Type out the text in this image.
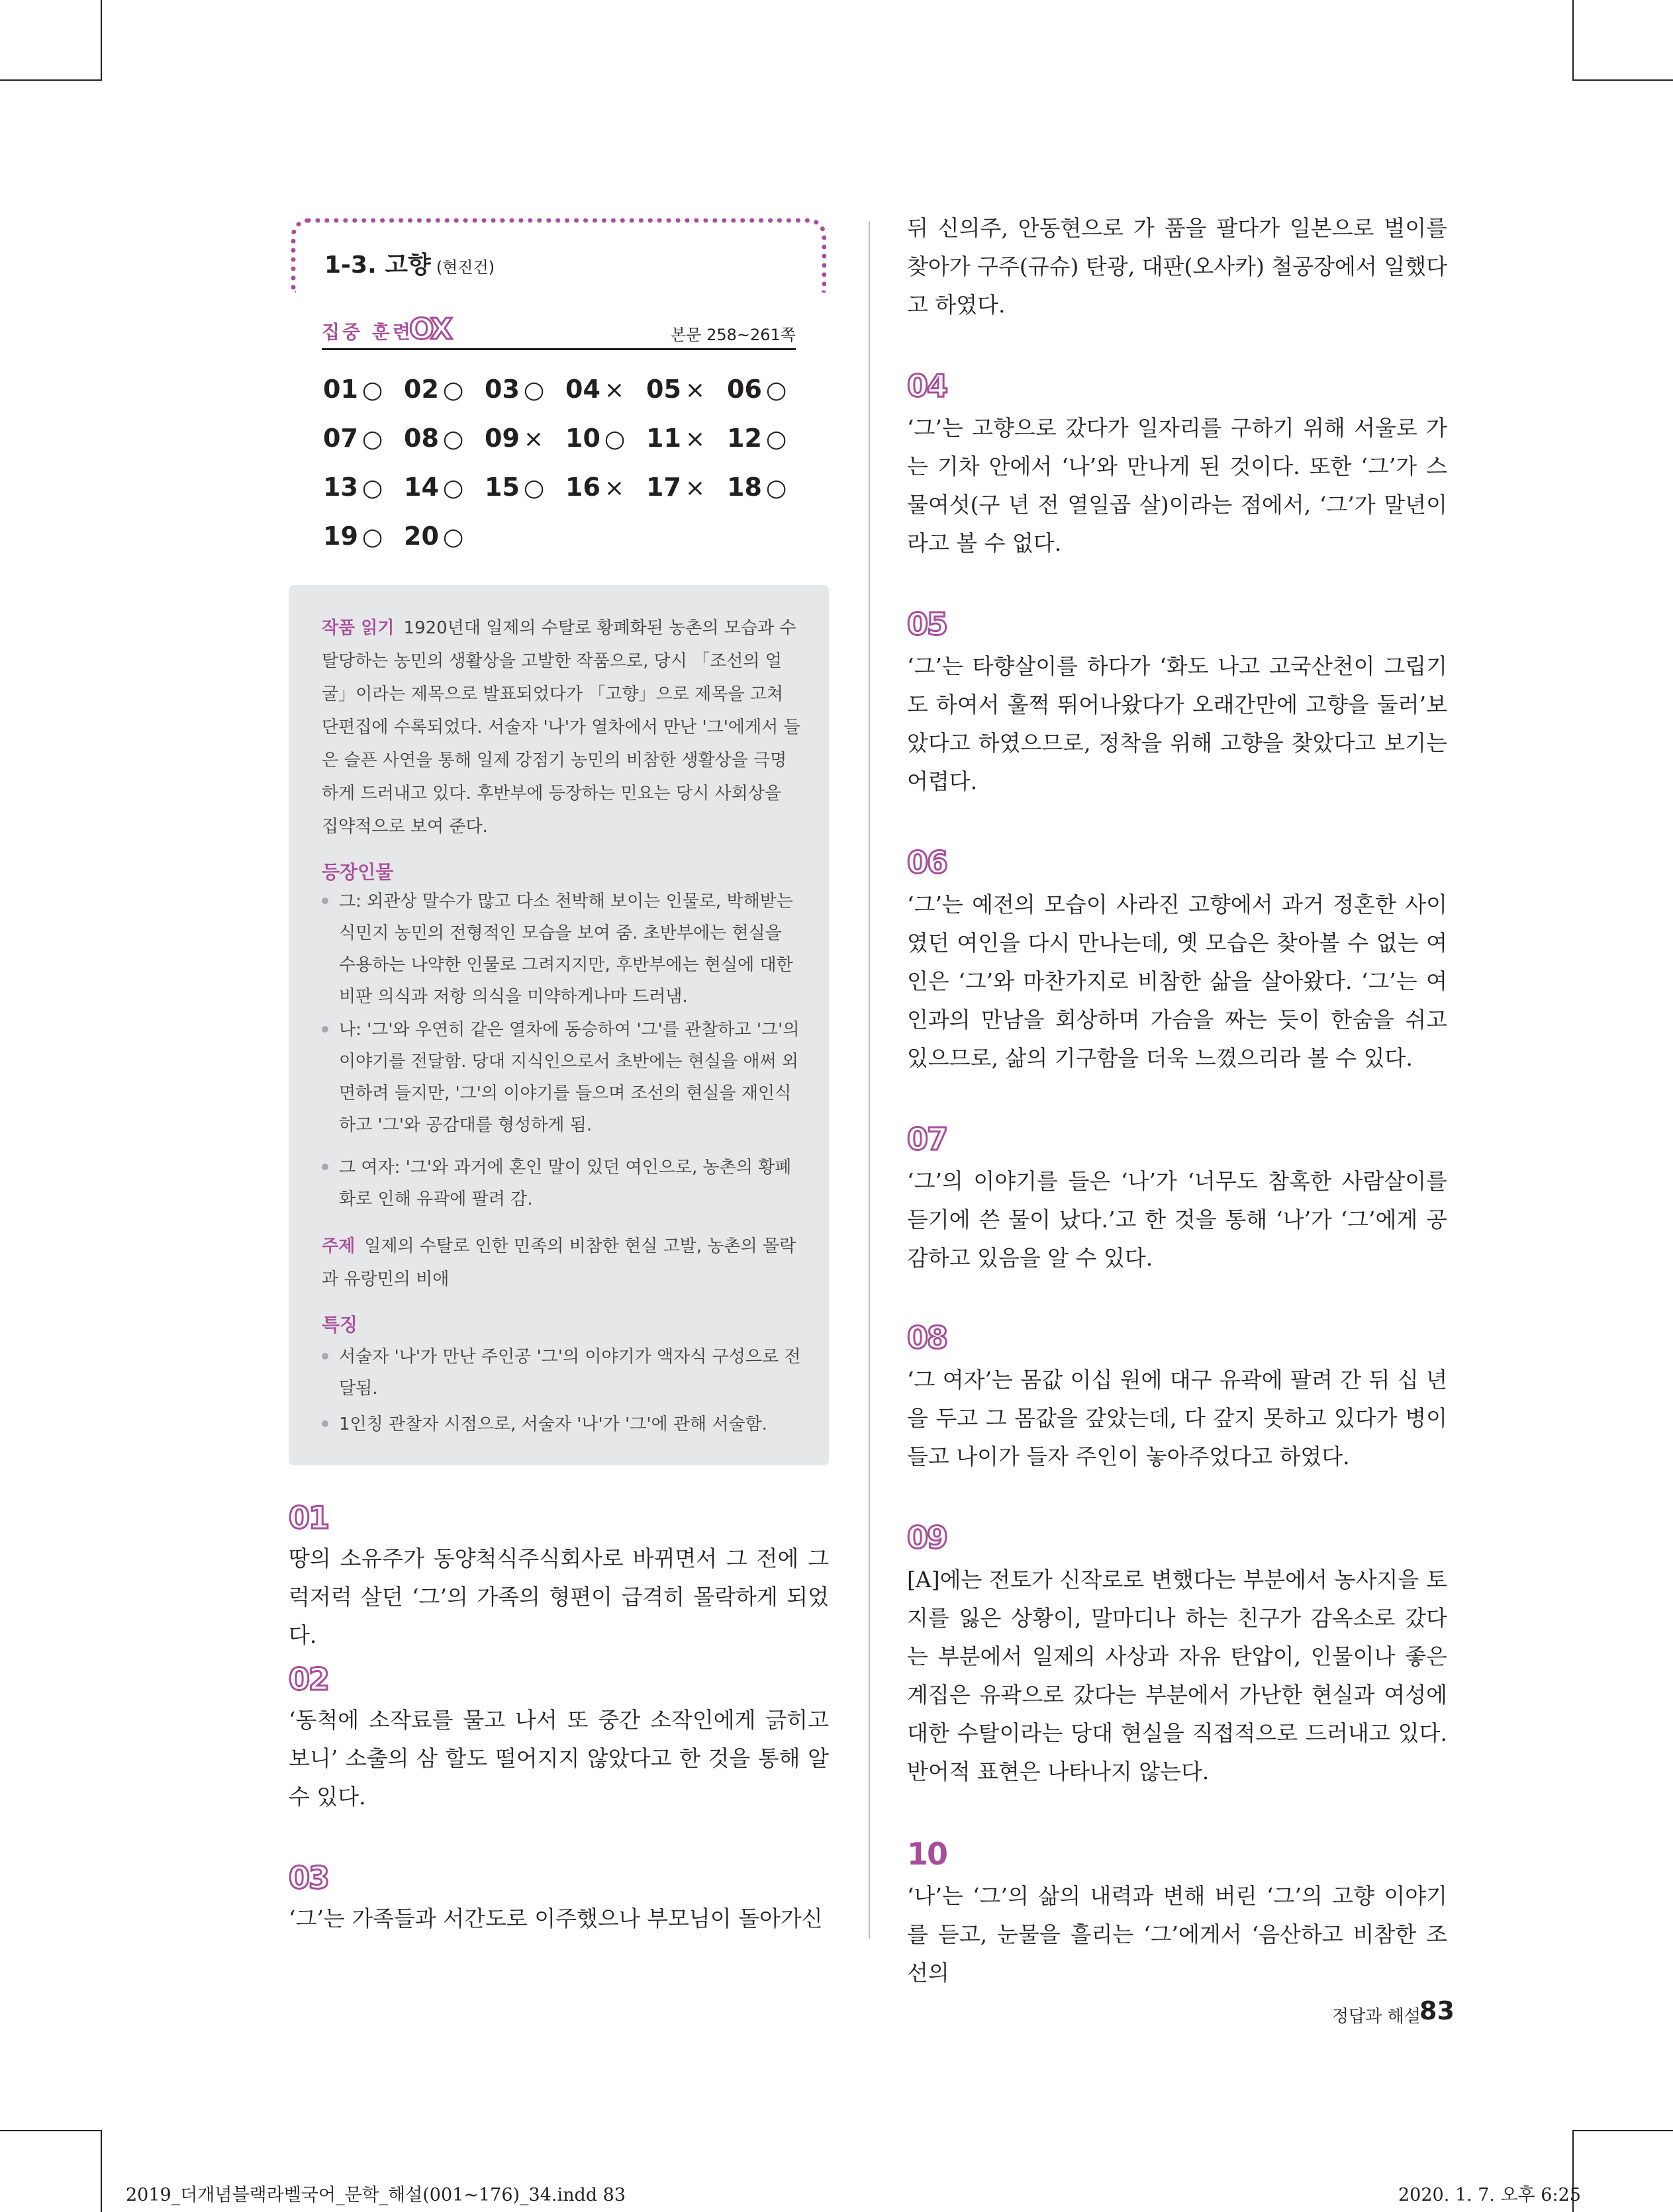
1-3. 고향 (현진건)
집중 훈련
OX	본문 258~261쪽
01 ○ 02 ○ 03 ○ 04 × 05 × 06 ○
07 ○ 08 ○ 09 × 10 ○ 11 × 12 ○
13 ○ 14 ○ 15 ○ 16 × 17 × 18 ○
19 ○ 20 ○
작품 읽기 1920년대 일제의 수탈로 황폐화된 농촌의 모습과 수탈당하는 농민의 생활상을 고발한 작품으로, 당시 「조선의 얼굴」이라는 제목으로 발표되었다가 「고향」으로 제목을 고쳐 단편집에 수록되었다. 서술자 '나'가 열차에서 만난 '그'에게서 들은 슬픈 사연을 통해 일제 강점기 농민의 비참한 생활상을 극명하게 드러내고 있다. 후반부에 등장하는 민요는 당시 사회상을 집약적으로 보여 준다.
등장인물
그: 외관상 말수가 많고 다소 천박해 보이는 인물로, 박해받는 식민지 농민의 전형적인 모습을 보여 줌. 초반부에는 현실을 수용하는 나약한 인물로 그려지지만, 후반부에는 현실에 대한 비판 의식과 저항 의식을 미약하게나마 드러냄.
나: '그'와 우연히 같은 열차에 동승하여 '그'를 관찰하고 '그'의 이야기를 전달함. 당대 지식인으로서 초반에는 현실을 애써 외면하려 들지만, '그'의 이야기를 들으며 조선의 현실을 재인식하고 '그'와 공감대를 형성하게 됨.
그 여자: '그'와 과거에 혼인 말이 있던 여인으로, 농촌의 황폐화로 인해 유곽에 팔려 감.
주제 일제의 수탈로 인한 민족의 비참한 현실 고발, 농촌의 몰락과 유랑민의 비애
특징
서술자 '나'가 만난 주인공 '그'의 이야기가 액자식 구성으로 전달됨.
1인칭 관찰자 시점으로, 서술자 '나'가 '그'에 관해 서술함.
01
땅의 소유주가 동양척식주식회사로 바뀌면서 그 전에 그럭저럭 살던 ‘그’의 가족의 형편이 급격히 몰락하게 되었다.
02
‘동척에 소작료를 물고 나서 또 중간 소작인에게 긁히고 보니’ 소출의 삼 할도 떨어지지 않았다고 한 것을 통해 알 수 있다.
03
‘그’는 가족들과 서간도로 이주했으나 부모님이 돌아가신
뒤 신의주, 안동현으로 가 품을 팔다가 일본으로 벌이를 찾아가 구주(규슈) 탄광, 대판(오사카) 철공장에서 일했다고 하였다.
04
‘그’는 고향으로 갔다가 일자리를 구하기 위해 서울로 가는 기차 안에서 ‘나’와 만나게 된 것이다. 또한 ‘그’가 스물여섯(구 년 전 열일곱 살)이라는 점에서, ‘그’가 말년이라고 볼 수 없다.
05
‘그’는 타향살이를 하다가 ‘화도 나고 고국산천이 그립기도 하여서 훌쩍 뛰어나왔다가 오래간만에 고향을 둘러’보았다고 하였으므로, 정착을 위해 고향을 찾았다고 보기는 어렵다.
06
‘그’는 예전의 모습이 사라진 고향에서 과거 정혼한 사이였던 여인을 다시 만나는데, 옛 모습은 찾아볼 수 없는 여인은 ‘그’와 마찬가지로 비참한 삶을 살아왔다. ‘그’는 여인과의 만남을 회상하며 가슴을 짜는 듯이 한숨을 쉬고 있으므로, 삶의 기구함을 더욱 느꼈으리라 볼 수 있다.
07
‘그’의 이야기를 들은 ‘나’가 ‘너무도 참혹한 사람살이를 듣기에 쓴 물이 났다.’고 한 것을 통해 ‘나’가 ‘그’에게 공감하고 있음을 알 수 있다.
08
‘그 여자’는 몸값 이십 원에 대구 유곽에 팔려 간 뒤 십 년을 두고 그 몸값을 갚았는데, 다 갚지 못하고 있다가 병이 들고 나이가 들자 주인이 놓아주었다고 하였다.
09
[A]에는 전토가 신작로로 변했다는 부분에서 농사지을 토지를 잃은 상황이, 말마디나 하는 친구가 감옥소로 갔다는 부분에서 일제의 사상과 자유 탄압이, 인물이나 좋은 계집은 유곽으로 갔다는 부분에서 가난한 현실과 여성에 대한 수탈이라는 당대 현실을 직접적으로 드러내고 있다. 반어적 표현은 나타나지 않는다.
10
‘나’는 ‘그’의 삶의 내력과 변해 버린 ‘그’의 고향 이야기를 듣고, 눈물을 흘리는 ‘그’에게서 ‘음산하고 비참한 조선의
정답과 해설
83
2019_더개념블랙라벨국어_문학_해설(001~176)_34.indd 83	2020. 1. 7. 오후 6:25
